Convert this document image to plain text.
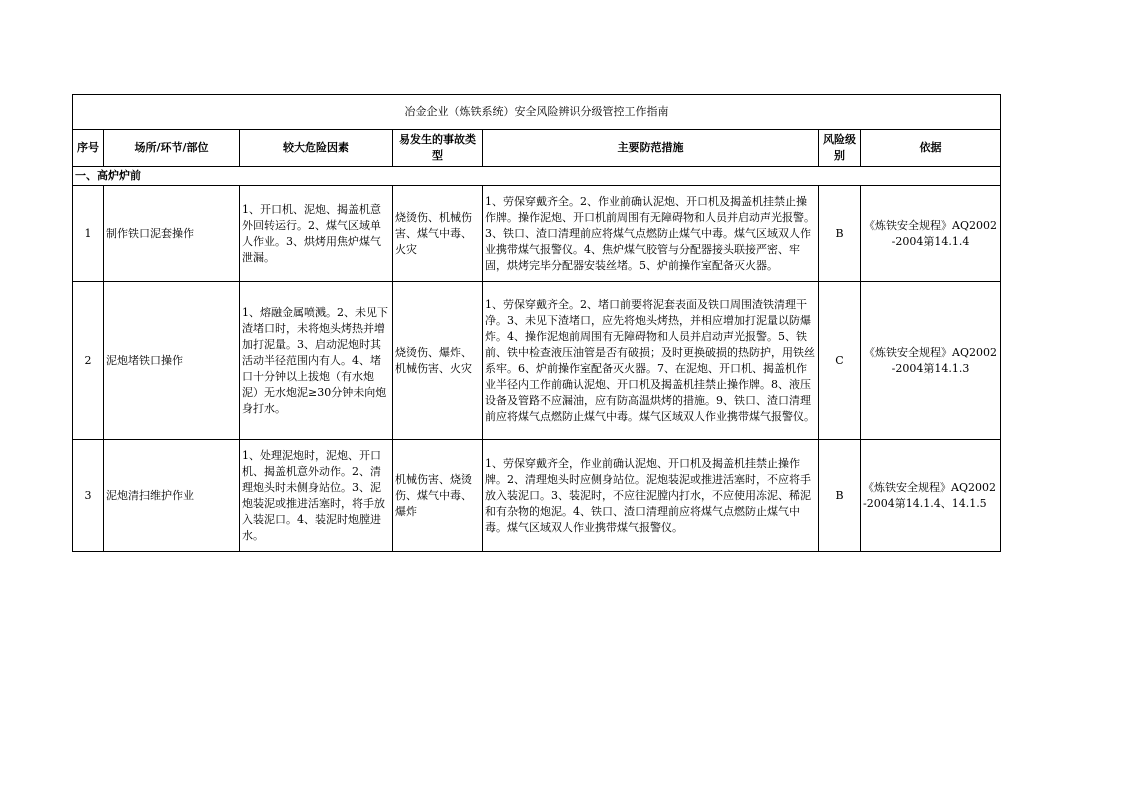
冶金企业（炼铁系统）安全风险辨识分级管控工作指南						
序号	场所/环节/部位	较大危险因素	易发生的事故类型	主要防范措施	风险级别	依据
一、高炉炉前						
1	制作铁口泥套操作	1、开口机、泥炮、揭盖机意外回转运行。2、煤气区域单人作业。3、烘烤用焦炉煤气泄漏。	烧烫伤、机械伤害、煤气中毒、火灾	1、劳保穿戴齐全。2、作业前确认泥炮、开口机及揭盖机挂禁止操作牌。操作泥炮、开口机前周围有无障碍物和人员并启动声光报警。3、铁口、渣口清理前应将煤气点燃防止煤气中毒。煤气区域双人作业携带煤气报警仪。4、焦炉煤气胶管与分配器接头联接严密、牢固，烘烤完毕分配器安装丝堵。5、炉前操作室配备灭火器。	B	《炼铁安全规程》AQ2002-2004第14.1.4
2	泥炮堵铁口操作	1、熔融金属喷溅。2、未见下渣堵口时，未将炮头烤热并增加打泥量。3、启动泥炮时其活动半径范围内有人。4、堵口十分钟以上拔炮（有水炮泥）无水炮泥≥30分钟未向炮身打水。	烧烫伤、爆炸、机械伤害、火灾	1、劳保穿戴齐全。2、堵口前要将泥套表面及铁口周围渣铁清理干净。3、未见下渣堵口，应先将炮头烤热，并相应增加打泥量以防爆炸。4、操作泥炮前周围有无障碍物和人员并启动声光报警。5、铁前、铁中检查液压油管是否有破损；及时更换破损的热防护，用铁丝系牢。6、炉前操作室配备灭火器。7、在泥炮、开口机、揭盖机作业半径内工作前确认泥炮、开口机及揭盖机挂禁止操作牌。8、液压设备及管路不应漏油，应有防高温烘烤的措施。9、铁口、渣口清理前应将煤气点燃防止煤气中毒。煤气区域双人作业携带煤气报警仪。	C	《炼铁安全规程》AQ2002-2004第14.1.3
3	泥炮清扫维护作业	1、处理泥炮时，泥炮、开口机、揭盖机意外动作。2、清理炮头时未侧身站位。3、泥炮装泥或推进活塞时，将手放入装泥口。4、装泥时炮膛进水。	机械伤害、烧烫伤、煤气中毒、爆炸	1、劳保穿戴齐全，作业前确认泥炮、开口机及揭盖机挂禁止操作牌。2、清理炮头时应侧身站位。泥炮装泥或推进活塞时，不应将手放入装泥口。3、装泥时，不应往泥膛内打水，不应使用冻泥、稀泥和有杂物的炮泥。4、铁口、渣口清理前应将煤气点燃防止煤气中毒。煤气区域双人作业携带煤气报警仪。	B	《炼铁安全规程》AQ2002-2004第14.1.4、14.1.5
